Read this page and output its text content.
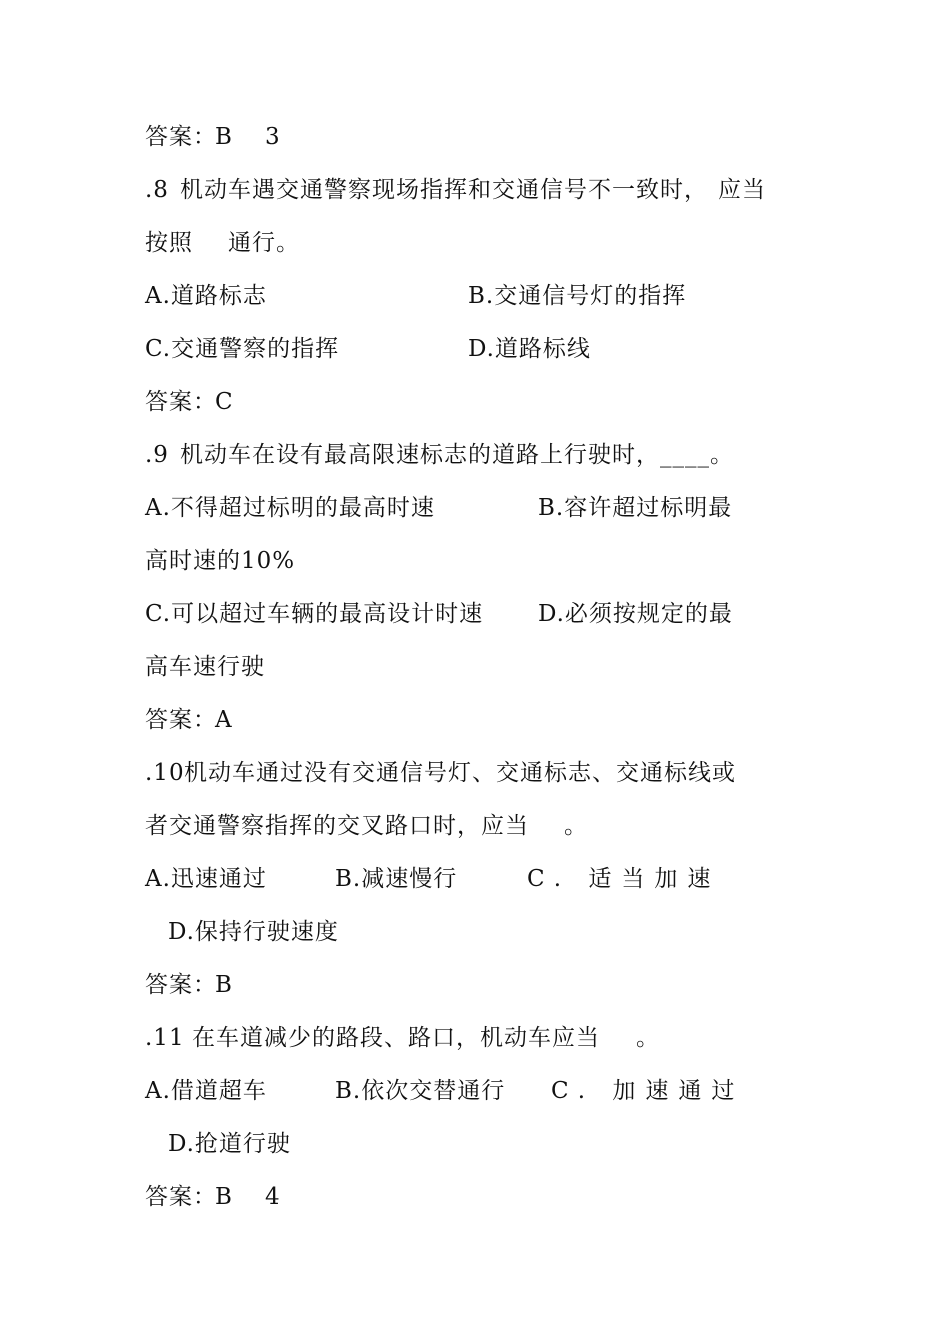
答案：
B 3
.8 机动车遇交通警察现场指挥和交通信号不一致时， 应当
按照 通行。
A.道路标志	B.交通信号灯的指挥
C.交通警察的指挥	D.道路标线
答案：
C
.9 机动车在设有最高限速标志的道路上行驶时，____。
A.不得超过标明的最高时速	B.容许超过标明最
高时速的10%
C.可以超过车辆的最高设计时速 D.必须按规定的最
高车速行驶
答案：
A
.10 机动车通过没有交通信号灯、交通标志、交通标线或
者交通警察指挥的交叉路口时，应当 。
A.迅速通过	B.减速慢行	C. 适当加速
D.保持行驶速度
答案：
B
.11 在车道减少的路段、路口，机动车应当 。
A.借道超车	B.依次交替通行 C. 加速通过
D.抢道行驶
答案：
B 4
